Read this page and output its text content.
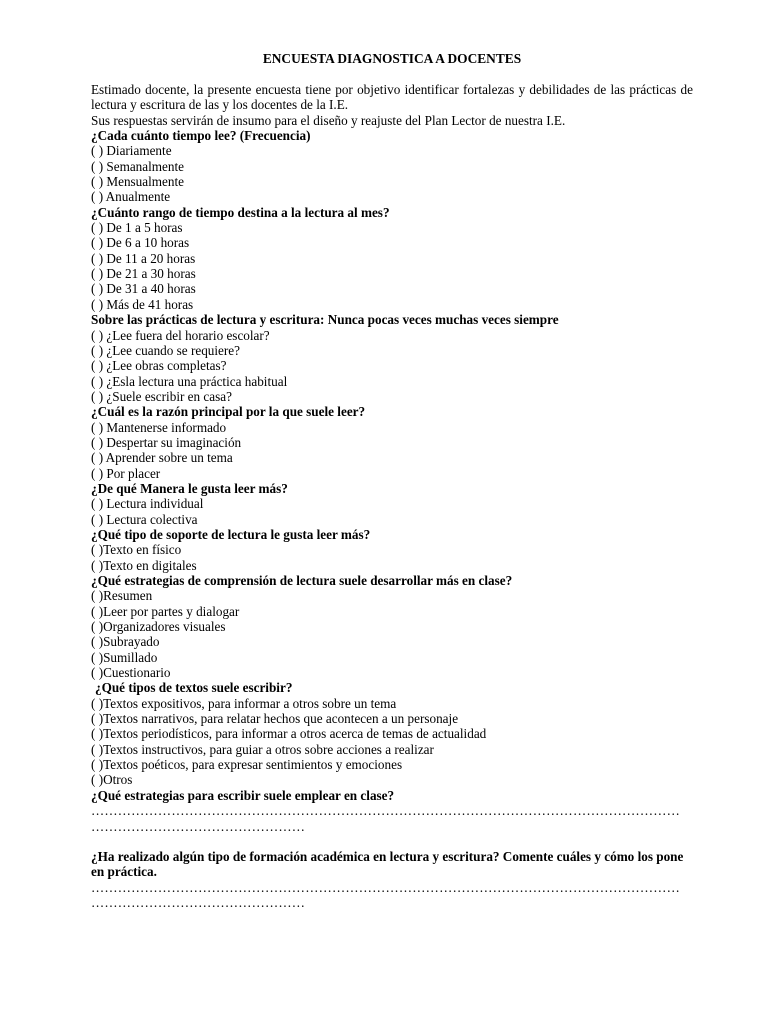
ENCUESTA DIAGNOSTICA A DOCENTES

Estimado docente, la presente encuesta tiene por objetivo identificar fortalezas y debilidades de las prácticas de lectura y escritura de las y los docentes de la I.E.

Sus respuestas servirán de insumo para el diseño y reajuste del Plan Lector de nuestra I.E.

¿Cada cuánto tiempo lee? (Frecuencia)
( ) Diariamente
( ) Semanalmente
( ) Mensualmente
( ) Anualmente
¿Cuánto rango de tiempo destina a la lectura al mes?
( ) De 1 a 5 horas
( ) De 6 a 10 horas
( ) De 11 a 20 horas
( ) De 21 a 30 horas
( ) De 31 a 40 horas
( ) Más de 41 horas
Sobre las prácticas de lectura y escritura: Nunca pocas veces muchas veces siempre
( ) ¿Lee fuera del horario escolar?
( ) ¿Lee cuando se requiere?
( ) ¿Lee obras completas?
( ) ¿Esla lectura una práctica habitual
( ) ¿Suele escribir en casa?
¿Cuál es la razón principal por la que suele leer?
( ) Mantenerse informado
( ) Despertar su imaginación
( ) Aprender sobre un tema
( ) Por placer
¿De qué Manera le gusta leer más?
( ) Lectura individual
( ) Lectura colectiva
¿Qué tipo de soporte de lectura le gusta leer más?
( )Texto en físico
( )Texto en digitales
¿Qué estrategias de comprensión de lectura suele desarrollar más en clase?
( )Resumen
( )Leer por partes y dialogar
( )Organizadores visuales
( )Subrayado
( )Sumillado
( )Cuestionario
¿Qué tipos de textos suele escribir?
( )Textos expositivos, para informar a otros sobre un tema
( )Textos narrativos, para relatar hechos que acontecen a un personaje
( )Textos periodísticos, para informar a otros acerca de temas de actualidad
( )Textos instructivos, para guiar a otros sobre acciones a realizar
( )Textos poéticos, para expresar sentimientos y emociones
( )Otros
¿Qué estrategias para escribir suele emplear en clase?
……………………………………………………………………………………………………………………
…………………………………………
¿Ha realizado algún tipo de formación académica en lectura y escritura? Comente cuáles y cómo los pone en práctica.
……………………………………………………………………………………………………………………
…………………………………………
